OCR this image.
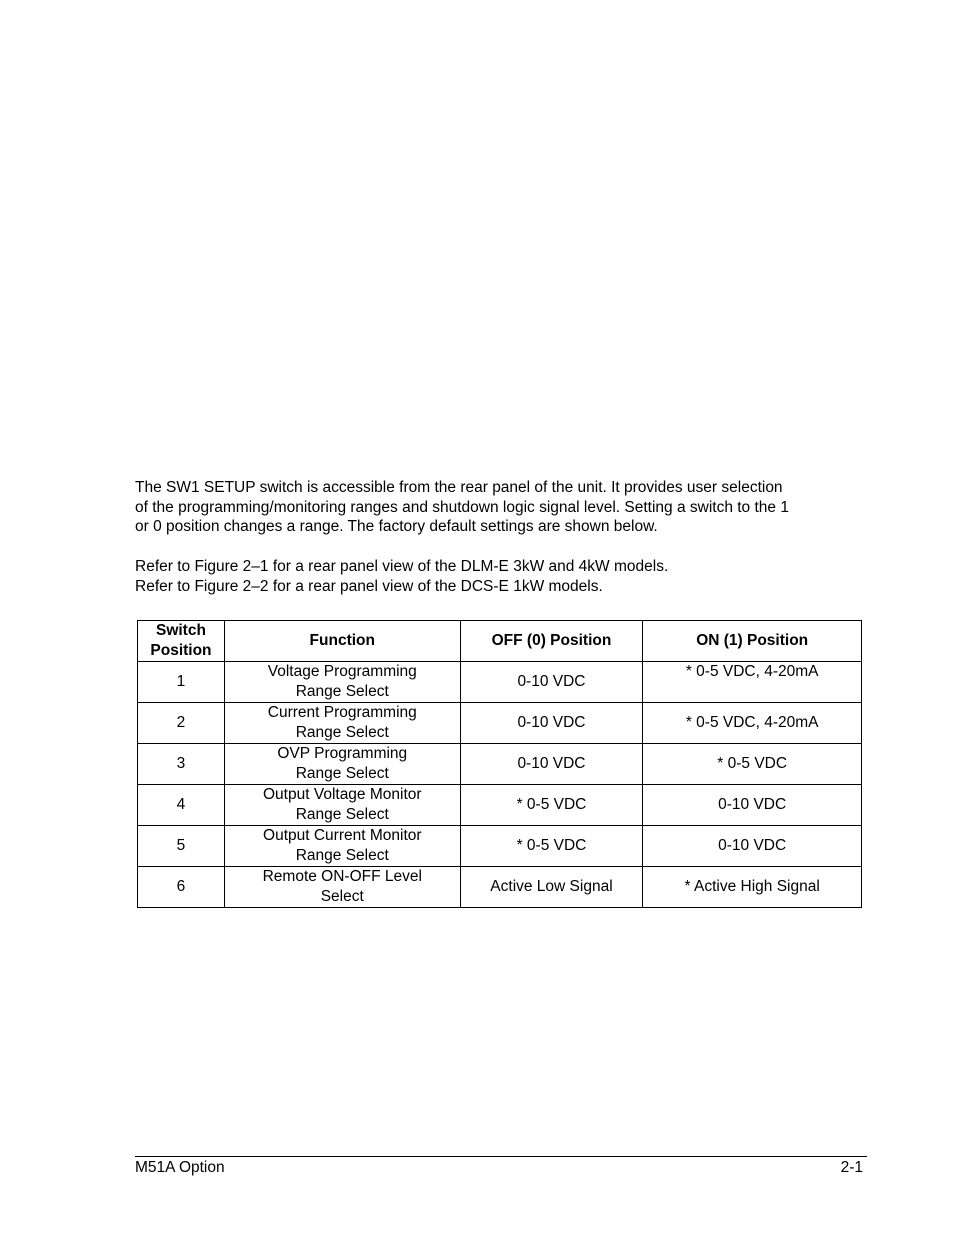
The SW1 SETUP switch is accessible from the rear panel of the unit. It provides user selection
of the programming/monitoring ranges and shutdown logic signal level. Setting a switch to the 1
or 0 position changes a range. The factory default settings are shown below.

Refer to Figure 2–1 for a rear panel view of the DLM-E 3kW and 4kW models.
Refer to Figure 2–2 for a rear panel view of the DCS-E 1kW models.

Switch Position	Function	OFF (0) Position	ON (1) Position
1	Voltage Programming
Range Select	0-10 VDC	* 0-5 VDC, 4-20mA
2	Current Programming
Range Select	0-10 VDC	* 0-5 VDC, 4-20mA
3	OVP Programming
Range Select	0-10 VDC	* 0-5 VDC
4	Output Voltage Monitor
Range Select	* 0-5 VDC	0-10 VDC
5	Output Current Monitor
Range Select	* 0-5 VDC	0-10 VDC
6	Remote ON-OFF Level
Select	Active Low Signal	* Active High Signal
M51A Option	2-1
